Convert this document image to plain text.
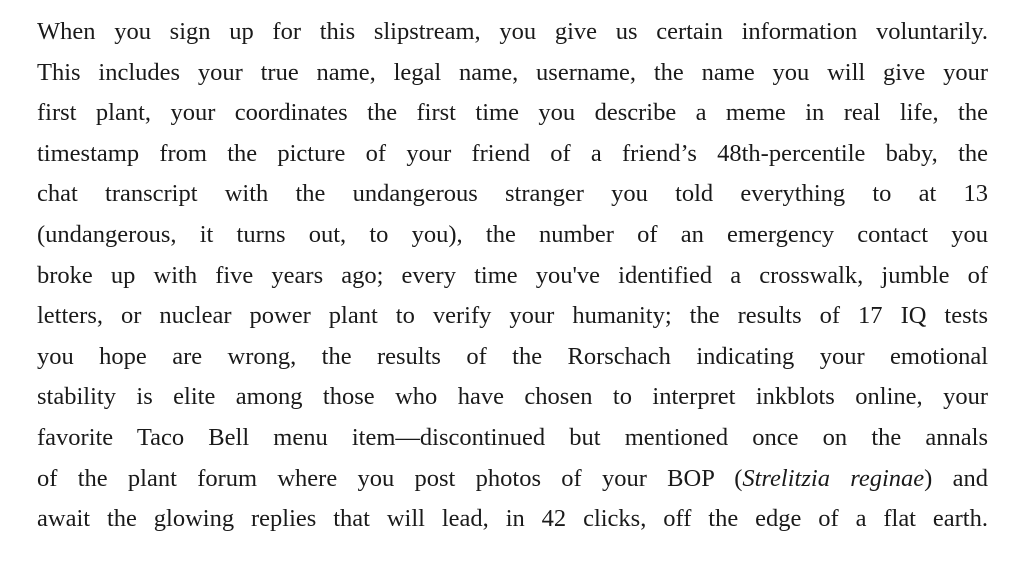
When you sign up for this slipstream, you give us certain information voluntarily.
This includes your true name, legal name, username, the name you will give your
first plant, your coordinates the first time you describe a meme in real life, the
timestamp from the picture of your friend of a friend’s 48th-percentile baby, the
chat transcript with the undangerous stranger you told everything to at 13
(undangerous, it turns out, to you), the number of an emergency contact you
broke up with five years ago; every time you've identified a crosswalk, jumble of
letters, or nuclear power plant to verify your humanity; the results of 17 IQ tests
you hope are wrong, the results of the Rorschach indicating your emotional
stability is elite among those who have chosen to interpret inkblots online, your
favorite Taco Bell menu item—discontinued but mentioned once on the annals
of the plant forum where you post photos of your BOP (Strelitzia reginae) and
await the glowing replies that will lead, in 42 clicks, off the edge of a flat earth.
